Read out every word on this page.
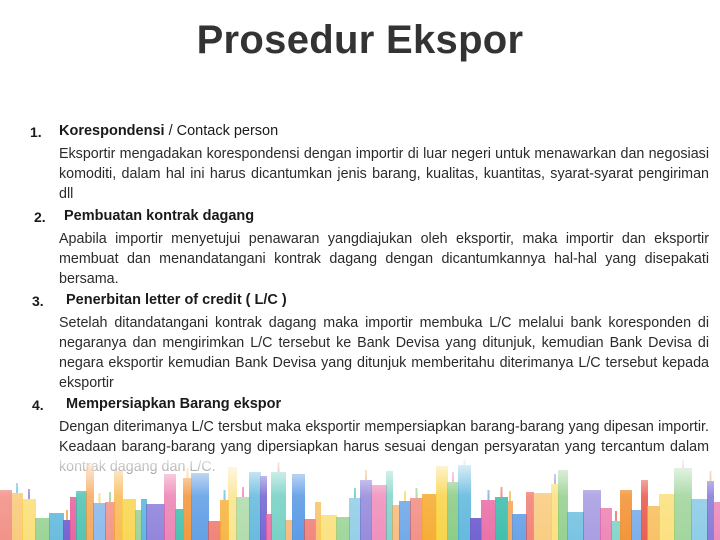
Prosedur Ekspor
1. Korespondensi / Contack person
Eksportir mengadakan korespondensi dengan importir di luar negeri untuk menawarkan dan negosiasi komoditi, dalam hal ini harus dicantumkan jenis barang, kualitas, kuantitas, syarat-syarat pengiriman dll
2. Pembuatan kontrak dagang
Apabila importir menyetujui penawaran yangdiajukan oleh eksportir, maka importir dan eksportir membuat dan menandatangani kontrak dagang dengan dicantumkannya hal-hal yang disepakati bersama.
3. Penerbitan letter of credit ( L/C )
Setelah ditandatangani kontrak dagang maka importir membuka L/C melalui bank koresponden di negaranya dan mengirimkan L/C tersebut ke Bank Devisa yang ditunjuk, kemudian Bank Devisa di negara eksportir kemudian Bank Devisa yang ditunjuk memberitahu diterimanya L/C tersebut kepada eksportir
4. Mempersiapkan Barang ekspor
Dengan diterimanya L/C tersbut maka eksportir mempersiapkan barang-barang yang dipesan importir. Keadaan barang-barang yang dipersiapkan harus sesuai dengan persyaratan yang tercantum dalam
